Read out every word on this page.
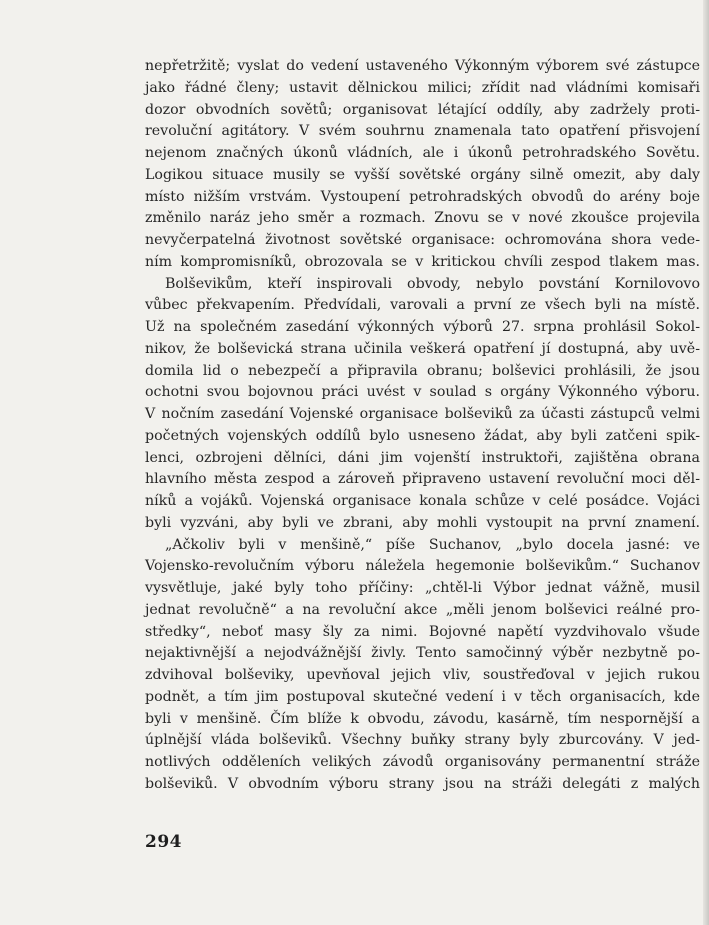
nepřetržitě; vyslat do vedení ustaveného Výkonným výborem své zástupce
jako řádné členy; ustavit dělnickou milici; zřídit nad vládními komisaři
dozor obvodních sovětů; organisovat létající oddíly, aby zadržely proti-
revoluční agitátory. V svém souhrnu znamenala tato opatření přisvojení
nejenom značných úkonů vládních, ale i úkonů petrohradského Sovětu.
Logikou situace musily se vyšší sovětské orgány silně omezit, aby daly
místo nižším vrstvám. Vystoupení petrohradských obvodů do arény boje
změnilo naráz jeho směr a rozmach. Znovu se v nové zkoušce projevila
nevyčerpatelná životnost sovětské organisace: ochromována shora vede-
ním kompromisníků, obrozovala se v kritickou chvíli zespod tlakem mas.
Bolševikům, kteří inspirovali obvody, nebylo povstání Kornilovovo
vůbec překvapením. Předvídali, varovali a první ze všech byli na místě.
Už na společném zasedání výkonných výborů 27. srpna prohlásil Sokol-
nikov, že bolševická strana učinila veškerá opatření jí dostupná, aby uvě-
domila lid o nebezpečí a připravila obranu; bolševici prohlásili, že jsou
ochotni svou bojovnou práci uvést v soulad s orgány Výkonného výboru.
V nočním zasedání Vojenské organisace bolševiků za účasti zástupců velmi
početných vojenských oddílů bylo usneseno žádat, aby byli zatčeni spik-
lenci, ozbrojeni dělníci, dáni jim vojenští instruktoři, zajištěna obrana
hlavního města zespod a zároveň připraveno ustavení revoluční moci děl-
níků a vojáků. Vojenská organisace konala schůze v celé posádce. Vojáci
byli vyzváni, aby byli ve zbrani, aby mohli vystoupit na první znamení.
„Ačkoliv byli v menšině,“ píše Suchanov, „bylo docela jasné: ve
Vojensko-revolučním výboru náležela hegemonie bolševikům.“ Suchanov
vysvětluje, jaké byly toho příčiny: „chtěl-li Výbor jednat vážně, musil
jednat revolučně“ a na revoluční akce „měli jenom bolševici reálné pro-
středky“, neboť masy šly za nimi. Bojovné napětí vyzdvihovalo všude
nejaktivnější a nejodvážnější živly. Tento samočinný výběr nezbytně po-
zdvihoval bolševiky, upevňoval jejich vliv, soustřeďoval v jejich rukou
podnět, a tím jim postupoval skutečné vedení i v těch organisacích, kde
byli v menšině. Čím blíže k obvodu, závodu, kasárně, tím nespornější a
úplnější vláda bolševiků. Všechny buňky strany byly zburcovány. V jed-
notlivých odděleních velikých závodů organisovány permanentní stráže
bolševiků. V obvodním výboru strany jsou na stráži delegáti z malých
294
